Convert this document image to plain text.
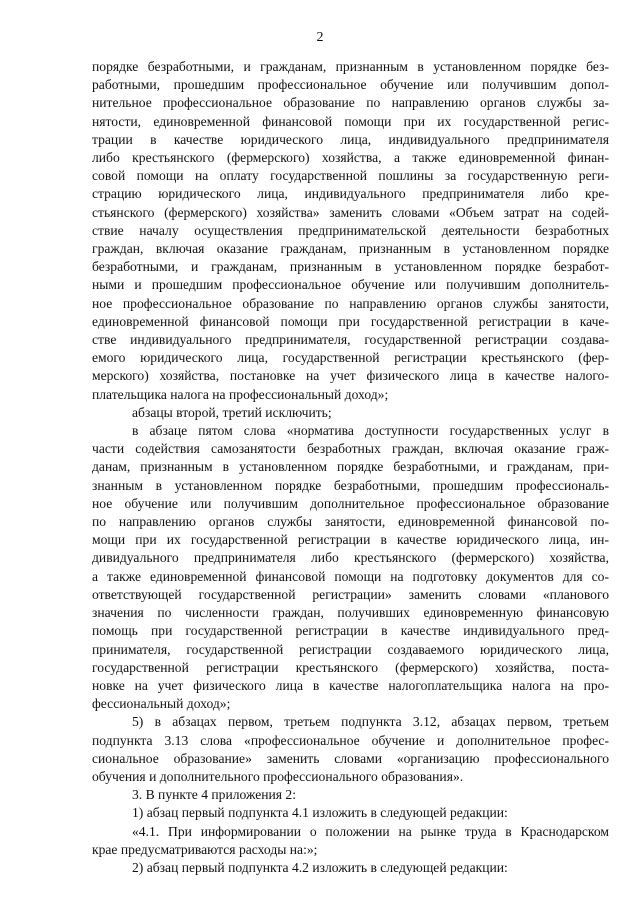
2
порядке безработными, и гражданам, признанным в установленном порядке без-
работными, прошедшим профессиональное обучение или получившим допол-
нительное профессиональное образование по направлению органов службы за-
нятости, единовременной финансовой помощи при их государственной регис-
трации в качестве юридического лица, индивидуального предпринимателя
либо крестьянского (фермерского) хозяйства, а также единовременной финан-
совой помощи на оплату государственной пошлины за государственную реги-
страцию юридического лица, индивидуального предпринимателя либо кре-
стьянского (фермерского) хозяйства» заменить словами «Объем затрат на содей-
ствие началу осуществления предпринимательской деятельности безработных
граждан, включая оказание гражданам, признанным в установленном порядке
безработными, и гражданам, признанным в установленном порядке безработ-
ными и прошедшим профессиональное обучение или получившим дополнитель-
ное профессиональное образование по направлению органов службы занятости,
единовременной финансовой помощи при государственной регистрации в каче-
стве индивидуального предпринимателя, государственной регистрации создава-
емого юридического лица, государственной регистрации крестьянского (фер-
мерского) хозяйства, постановке на учет физического лица в качестве налого-
плательщика налога на профессиональный доход»;
абзацы второй, третий исключить;
в абзаце пятом слова «норматива доступности государственных услуг в
части содействия самозанятости безработных граждан, включая оказание граж-
данам, признанным в установленном порядке безработными, и гражданам, при-
знанным в установленном порядке безработными, прошедшим профессиональ-
ное обучение или получившим дополнительное профессиональное образование
по направлению органов службы занятости, единовременной финансовой по-
мощи при их государственной регистрации в качестве юридического лица, ин-
дивидуального предпринимателя либо крестьянского (фермерского) хозяйства,
а также единовременной финансовой помощи на подготовку документов для со-
ответствующей государственной регистрации» заменить словами «планового
значения по численности граждан, получивших единовременную финансовую
помощь при государственной регистрации в качестве индивидуального пред-
принимателя, государственной регистрации создаваемого юридического лица,
государственной регистрации крестьянского (фермерского) хозяйства, поста-
новке на учет физического лица в качестве налогоплательщика налога на про-
фессиональный доход»;
5) в абзацах первом, третьем подпункта 3.12, абзацах первом, третьем
подпункта 3.13 слова «профессиональное обучение и дополнительное профес-
сиональное образование» заменить словами «организацию профессионального
обучения и дополнительного профессионального образования».
3. В пункте 4 приложения 2:
1) абзац первый подпункта 4.1 изложить в следующей редакции:
«4.1. При информировании о положении на рынке труда в Краснодарском
крае предусматриваются расходы на:»;
2) абзац первый подпункта 4.2 изложить в следующей редакции:
